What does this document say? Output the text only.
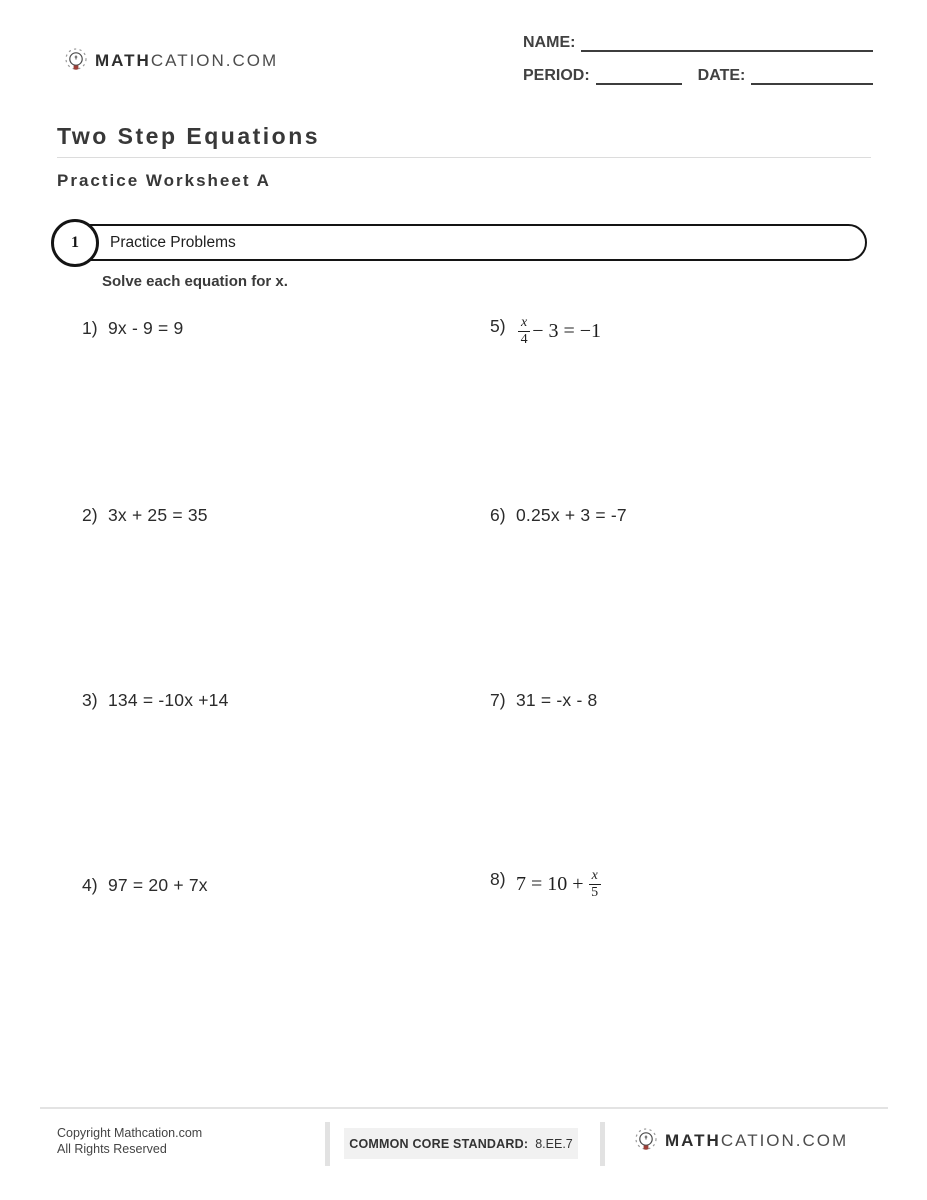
MATHCATION.COM
NAME:
PERIOD:	DATE:
Two Step Equations
Practice Worksheet A
1	Practice Problems
Solve each equation for x.
1) 9x - 9 = 9	$5) \frac{x}{4} - 3 = -1$
2) 3x + 25 = 35	6) 0.25x + 3 = -7
3) 134 = -10x +14	7) 31 = -x - 8
4) 97 = 20 + 7x	8) $7 = 10 + \frac{x}{5}$
Copyright Mathcation.com
All Rights Reserved	COMMON CORE STANDARD: 8.EE.7	MATHCATION.COM
